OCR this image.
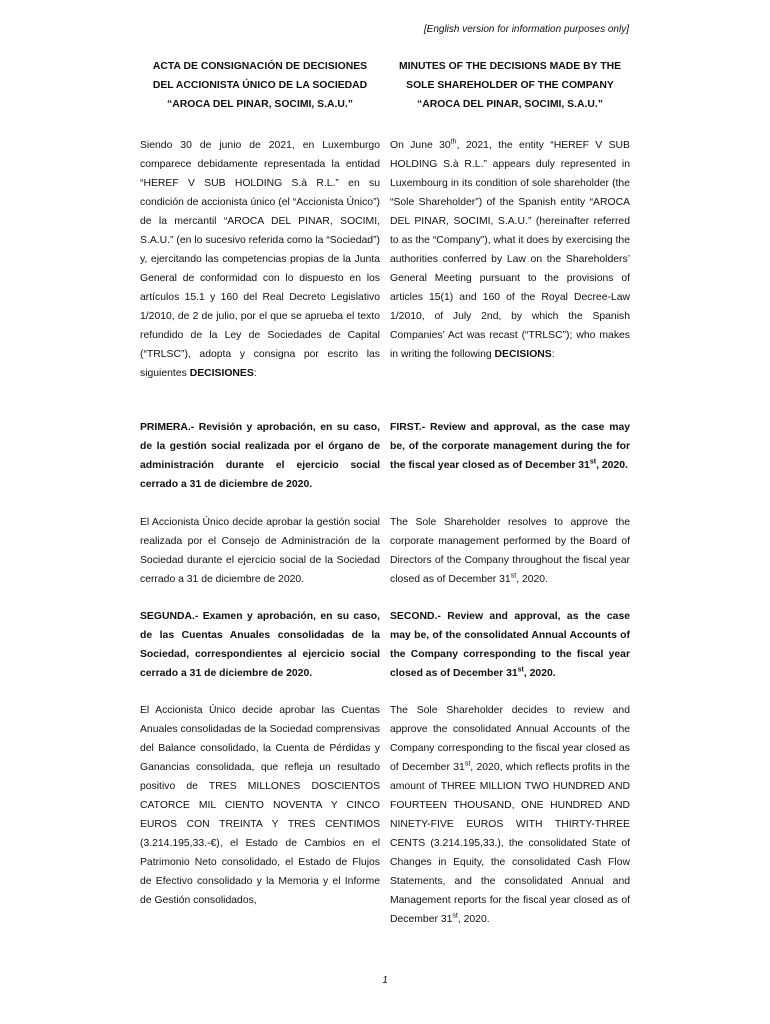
[English version for information purposes only]
ACTA DE CONSIGNACIÓN DE DECISIONES
DEL ACCIONISTA ÚNICO DE LA SOCIEDAD
“AROCA DEL PINAR, SOCIMI, S.A.U.”
MINUTES OF THE DECISIONS MADE BY THE
SOLE SHAREHOLDER OF THE COMPANY
“AROCA DEL PINAR, SOCIMI, S.A.U.”

Siendo 30 de junio de 2021, en Luxemburgo comparece debidamente representada la entidad “HEREF V SUB HOLDING S.à R.L.” en su condición de accionista único (el “Accionista Único”) de la mercantil “AROCA DEL PINAR, SOCIMI, S.A.U.” (en lo sucesivo referida como la “Sociedad”) y, ejercitando las competencias propias de la Junta General de conformidad con lo dispuesto en los artículos 15.1 y 160 del Real Decreto Legislativo 1/2010, de 2 de julio, por el que se aprueba el texto refundido de la Ley de Sociedades de Capital (“TRLSC”), adopta y consigna por escrito las siguientes DECISIONES:

On June 30th, 2021, the entity “HEREF V SUB HOLDING S.à R.L.” appears duly represented in Luxembourg in its condition of sole shareholder (the “Sole Shareholder”) of the Spanish entity “AROCA DEL PINAR, SOCIMI, S.A.U.” (hereinafter referred to as the “Company”), what it does by exercising the authorities conferred by Law on the Shareholders’ General Meeting pursuant to the provisions of articles 15(1) and 160 of the Royal Decree-Law 1/2010, of July 2nd, by which the Spanish Companies’ Act was recast (“TRLSC”); who makes in writing the following DECISIONS:

PRIMERA.- Revisión y aprobación, en su caso, de la gestión social realizada por el órgano de administración durante el ejercicio social cerrado a 31 de diciembre de 2020.

FIRST.- Review and approval, as the case may be, of the corporate management during the for the fiscal year closed as of December 31st, 2020.

El Accionista Único decide aprobar la gestión social realizada por el Consejo de Administración de la Sociedad durante el ejercicio social de la Sociedad cerrado a 31 de diciembre de 2020.

The Sole Shareholder resolves to approve the corporate management performed by the Board of Directors of the Company throughout the fiscal year closed as of December 31st, 2020.

SEGUNDA.- Examen y aprobación, en su caso, de las Cuentas Anuales consolidadas de la Sociedad, correspondientes al ejercicio social cerrado a 31 de diciembre de 2020.

SECOND.- Review and approval, as the case may be, of the consolidated Annual Accounts of the Company corresponding to the fiscal year closed as of December 31st, 2020.

El Accionista Único decide aprobar las Cuentas Anuales consolidadas de la Sociedad comprensivas del Balance consolidado, la Cuenta de Pérdidas y Ganancias consolidada, que refleja un resultado positivo de TRES MILLONES DOSCIENTOS CATORCE MIL CIENTO NOVENTA Y CINCO EUROS CON TREINTA Y TRES CENTIMOS (3.214.195,33.-€), el Estado de Cambios en el Patrimonio Neto consolidado, el Estado de Flujos de Efectivo consolidado y la Memoria y el Informe de Gestión consolidados,

The Sole Shareholder decides to review and approve the consolidated Annual Accounts of the Company corresponding to the fiscal year closed as of December 31st, 2020, which reflects profits in the amount of THREE MILLION TWO HUNDRED AND FOURTEEN THOUSAND, ONE HUNDRED AND NINETY-FIVE EUROS WITH THIRTY-THREE CENTS (3.214.195,33.), the consolidated State of Changes in Equity, the consolidated Cash Flow Statements, and the consolidated Annual and Management reports for the fiscal year closed as of December 31st, 2020.

1
